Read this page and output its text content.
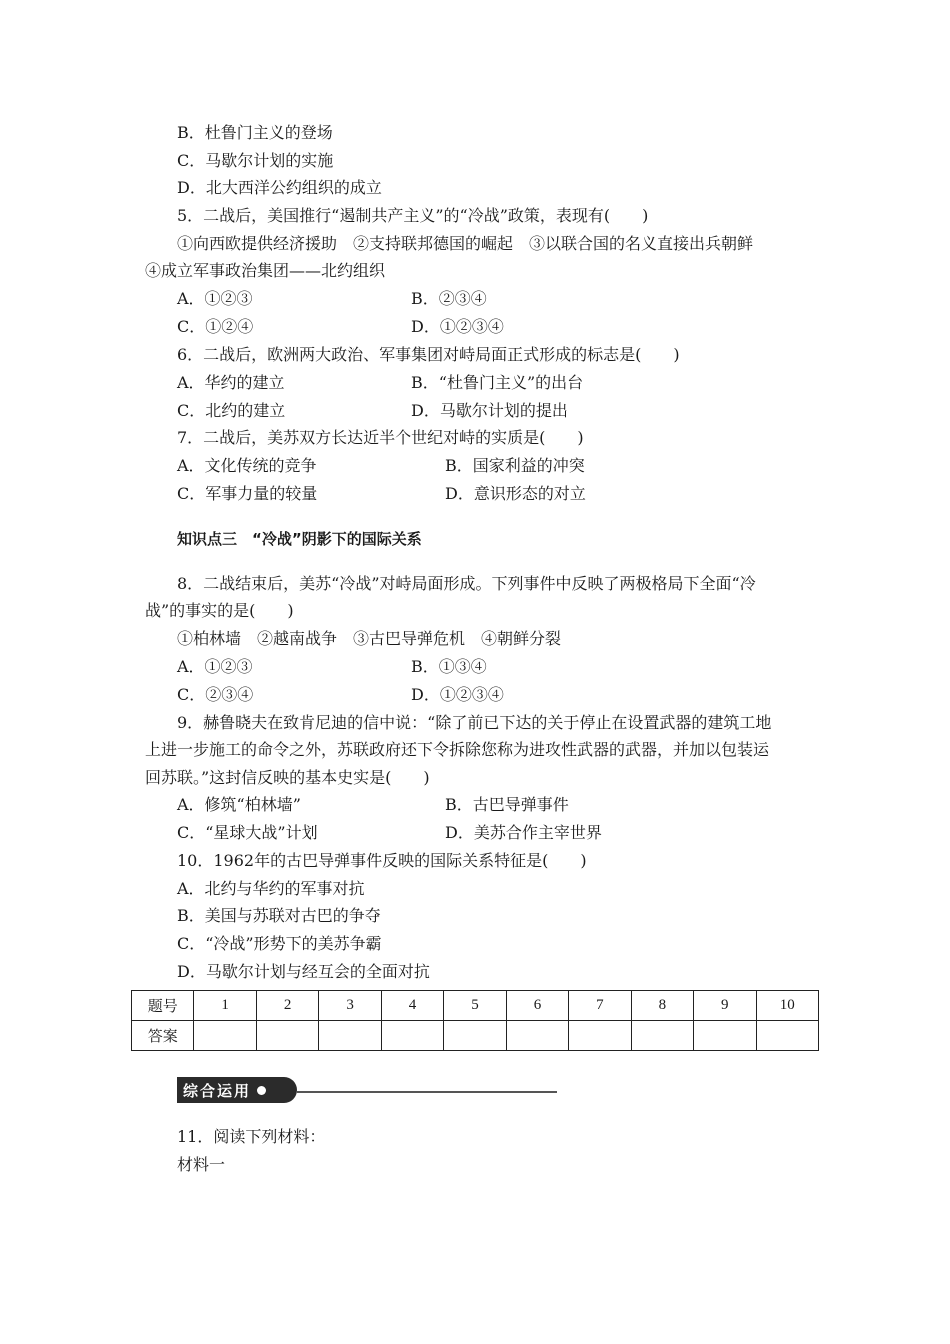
B．杜鲁门主义的登场
C．马歇尔计划的实施
D．北大西洋公约组织的成立
5．二战后，美国推行“遏制共产主义”的“冷战”政策，表现有(　　)
①向西欧提供经济援助　②支持联邦德国的崛起　③以联合国的名义直接出兵朝鲜
④成立军事政治集团——北约组织
A．①②③	B．②③④
C．①②④	D．①②③④
6．二战后，欧洲两大政治、军事集团对峙局面正式形成的标志是(　　)
A．华约的建立	B．“杜鲁门主义”的出台
C．北约的建立	D．马歇尔计划的提出
7．二战后，美苏双方长达近半个世纪对峙的实质是(　　)
A．文化传统的竞争	B．国家利益的冲突
C．军事力量的较量	D．意识形态的对立
知识点三　“冷战”阴影下的国际关系
8．二战结束后，美苏“冷战”对峙局面形成。下列事件中反映了两极格局下全面“冷
战”的事实的是(　　)
①柏林墙　②越南战争　③古巴导弹危机　④朝鲜分裂
A．①②③	B．①③④
C．②③④	D．①②③④
9．赫鲁晓夫在致肯尼迪的信中说：“除了前已下达的关于停止在设置武器的建筑工地
上进一步施工的命令之外，苏联政府还下令拆除您称为进攻性武器的武器，并加以包装运
回苏联。”这封信反映的基本史实是(　　)
A．修筑“柏林墙”	B．古巴导弹事件
C．“星球大战”计划	D．美苏合作主宰世界
10．1962年的古巴导弹事件反映的国际关系特征是(　　)
A．北约与华约的军事对抗
B．美国与苏联对古巴的争夺
C．“冷战”形势下的美苏争霸
D．马歇尔计划与经互会的全面对抗
题号	1	2	3	4	5	6	7	8	9	10
答案										
综合运用
11．阅读下列材料：
材料一
